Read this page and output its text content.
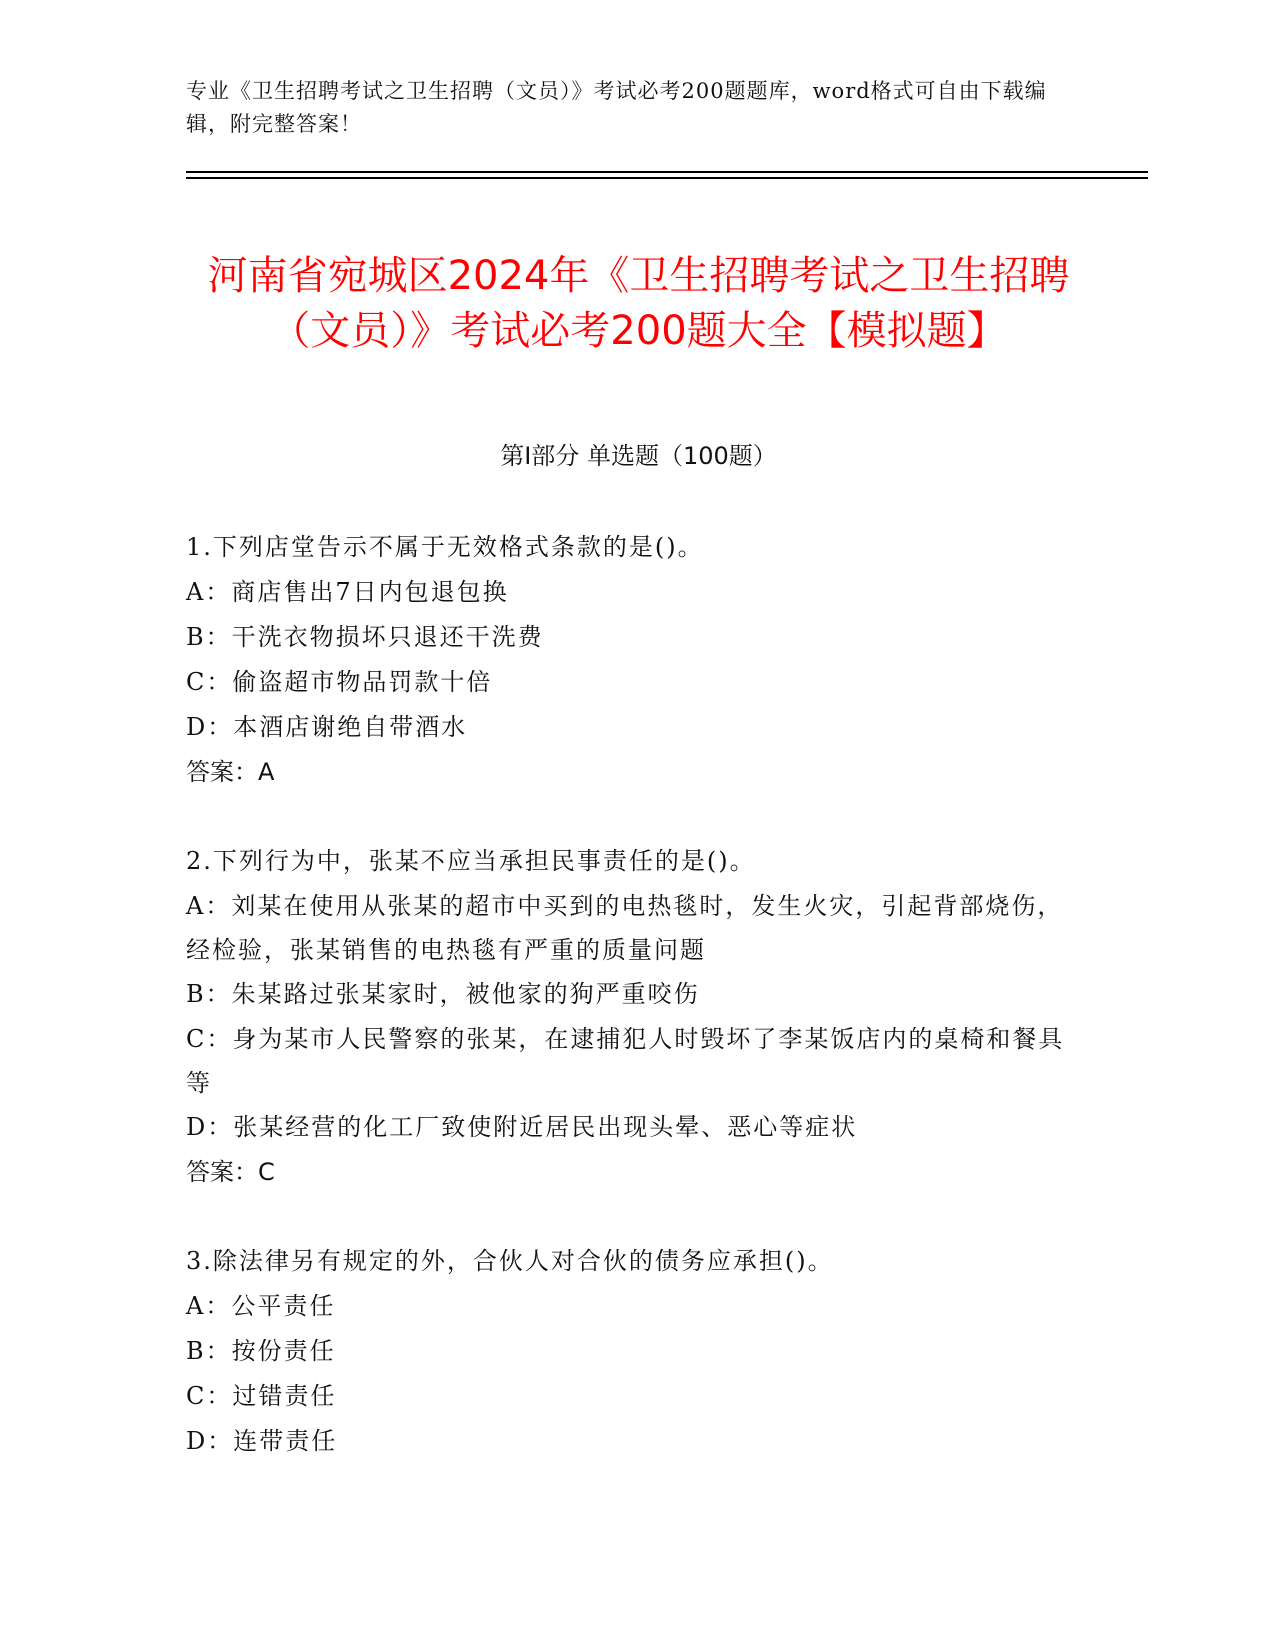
专业《卫生招聘考试之卫生招聘（文员）》考试必考200题题库，word格式可自由下载编辑，附完整答案！
河南省宛城区2024年《卫生招聘考试之卫生招聘（文员）》考试必考200题大全【模拟题】
第Ⅰ部分 单选题（100题）

1.下列店堂告示不属于无效格式条款的是()。

A：商店售出7日内包退包换

B：干洗衣物损坏只退还干洗费

C：偷盗超市物品罚款十倍

D：本酒店谢绝自带酒水

答案：A

2.下列行为中，张某不应当承担民事责任的是()。

A：刘某在使用从张某的超市中买到的电热毯时，发生火灾，引起背部烧伤，经检验，张某销售的电热毯有严重的质量问题

B：朱某路过张某家时，被他家的狗严重咬伤

C：身为某市人民警察的张某，在逮捕犯人时毁坏了李某饭店内的桌椅和餐具等

D：张某经营的化工厂致使附近居民出现头晕、恶心等症状

答案：C

3.除法律另有规定的外，合伙人对合伙的债务应承担()。

A：公平责任

B：按份责任

C：过错责任

D：连带责任
